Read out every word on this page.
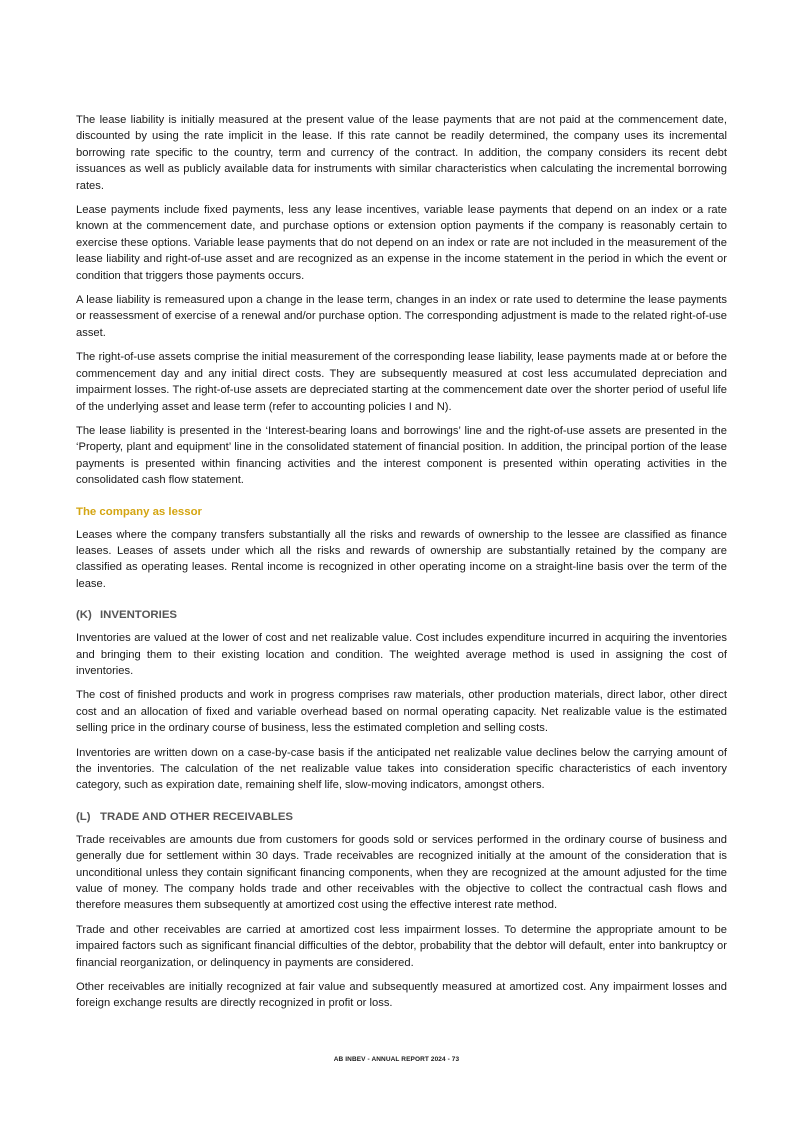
The lease liability is initially measured at the present value of the lease payments that are not paid at the commencement date, discounted by using the rate implicit in the lease. If this rate cannot be readily determined, the company uses its incremental borrowing rate specific to the country, term and currency of the contract. In addition, the company considers its recent debt issuances as well as publicly available data for instruments with similar characteristics when calculating the incremental borrowing rates.

Lease payments include fixed payments, less any lease incentives, variable lease payments that depend on an index or a rate known at the commencement date, and purchase options or extension option payments if the company is reasonably certain to exercise these options. Variable lease payments that do not depend on an index or rate are not included in the measurement of the lease liability and right-of-use asset and are recognized as an expense in the income statement in the period in which the event or condition that triggers those payments occurs.

A lease liability is remeasured upon a change in the lease term, changes in an index or rate used to determine the lease payments or reassessment of exercise of a renewal and/or purchase option. The corresponding adjustment is made to the related right-of-use asset.

The right-of-use assets comprise the initial measurement of the corresponding lease liability, lease payments made at or before the commencement day and any initial direct costs. They are subsequently measured at cost less accumulated depreciation and impairment losses. The right-of-use assets are depreciated starting at the commencement date over the shorter period of useful life of the underlying asset and lease term (refer to accounting policies I and N).

The lease liability is presented in the ‘Interest-bearing loans and borrowings’ line and the right-of-use assets are presented in the ‘Property, plant and equipment’ line in the consolidated statement of financial position. In addition, the principal portion of the lease payments is presented within financing activities and the interest component is presented within operating activities in the consolidated cash flow statement.

The company as lessor

Leases where the company transfers substantially all the risks and rewards of ownership to the lessee are classified as finance leases. Leases of assets under which all the risks and rewards of ownership are substantially retained by the company are classified as operating leases. Rental income is recognized in other operating income on a straight-line basis over the term of the lease.

(K) INVENTORIES

Inventories are valued at the lower of cost and net realizable value. Cost includes expenditure incurred in acquiring the inventories and bringing them to their existing location and condition. The weighted average method is used in assigning the cost of inventories.

The cost of finished products and work in progress comprises raw materials, other production materials, direct labor, other direct cost and an allocation of fixed and variable overhead based on normal operating capacity. Net realizable value is the estimated selling price in the ordinary course of business, less the estimated completion and selling costs.

Inventories are written down on a case-by-case basis if the anticipated net realizable value declines below the carrying amount of the inventories. The calculation of the net realizable value takes into consideration specific characteristics of each inventory category, such as expiration date, remaining shelf life, slow-moving indicators, amongst others.

(L) TRADE AND OTHER RECEIVABLES

Trade receivables are amounts due from customers for goods sold or services performed in the ordinary course of business and generally due for settlement within 30 days. Trade receivables are recognized initially at the amount of the consideration that is unconditional unless they contain significant financing components, when they are recognized at the amount adjusted for the time value of money. The company holds trade and other receivables with the objective to collect the contractual cash flows and therefore measures them subsequently at amortized cost using the effective interest rate method.

Trade and other receivables are carried at amortized cost less impairment losses. To determine the appropriate amount to be impaired factors such as significant financial difficulties of the debtor, probability that the debtor will default, enter into bankruptcy or financial reorganization, or delinquency in payments are considered.

Other receivables are initially recognized at fair value and subsequently measured at amortized cost. Any impairment losses and foreign exchange results are directly recognized in profit or loss.

AB INBEV - ANNUAL REPORT 2024 - 73
